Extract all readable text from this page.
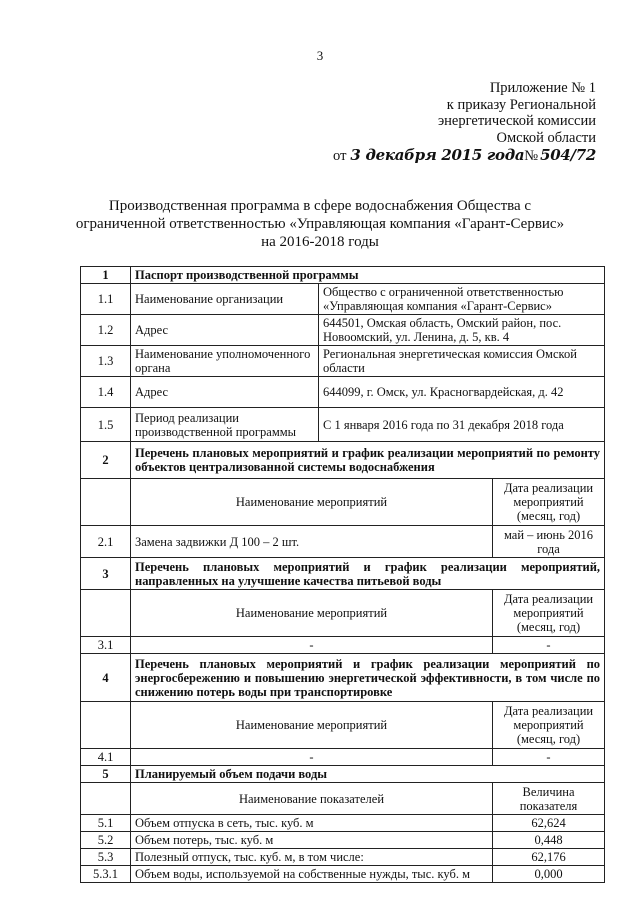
3
Приложение № 1
к приказу Региональной
энергетической комиссии
Омской области
от 3 декабря 2015 года№ 504/72
Производственная программа в сфере водоснабжения Общества с
ограниченной ответственностью «Управляющая компания «Гарант-Сервис»
на 2016-2018 годы
1	Паспорт производственной программы		
1.1	Наименование организации	Общество с ограниченной ответственностью «Управляющая компания «Гарант-Сервис»	
1.2	Адрес	644501, Омская область, Омский район, пос. Новоомский, ул. Ленина, д. 5, кв. 4	
1.3	Наименование уполномоченного органа	Региональная энергетическая комиссия Омской области	
1.4	Адрес	644099, г. Омск, ул. Красногвардейская, д. 42	
1.5	Период реализации производственной программы	С 1 января 2016 года по 31 декабря 2018 года	
2	Перечень плановых мероприятий и график реализации мероприятий по ремонту объектов централизованной системы водоснабжения		
	Наименование мероприятий		Дата реализации мероприятий (месяц, год)
2.1	Замена задвижки Д 100 – 2 шт.		май – июнь 2016 года
3	Перечень плановых мероприятий и график реализации мероприятий, направленных на улучшение качества питьевой воды		
	Наименование мероприятий		Дата реализации мероприятий (месяц, год)
3.1	-		-
4	Перечень плановых мероприятий и график реализации мероприятий по энергосбережению и повышению энергетической эффективности, в том числе по снижению потерь воды при транспортировке		
	Наименование мероприятий		Дата реализации мероприятий (месяц, год)
4.1	-		-
5	Планируемый объем подачи воды		
	Наименование показателей		Величина показателя
5.1	Объем отпуска в сеть, тыс. куб. м		62,624
5.2	Объем потерь, тыс. куб. м		0,448
5.3	Полезный отпуск, тыс. куб. м, в том числе:		62,176
5.3.1	Объем воды, используемой на собственные нужды, тыс. куб. м		0,000
